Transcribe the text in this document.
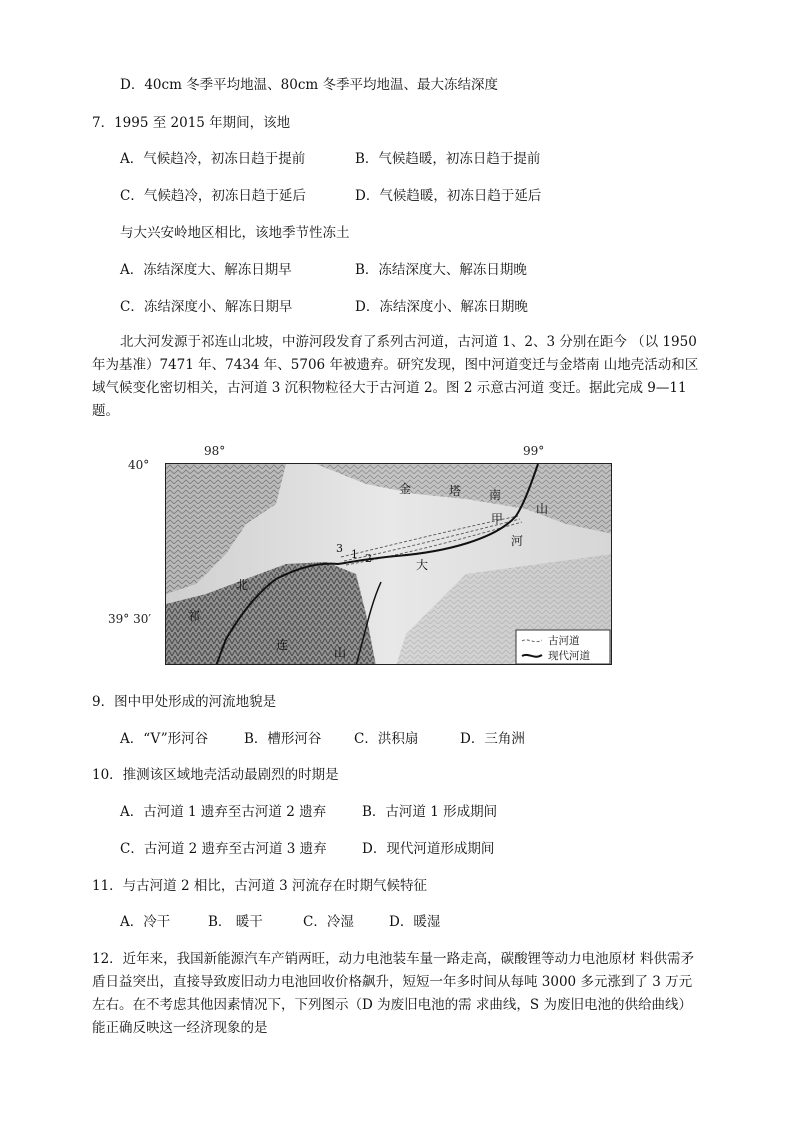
D．40cm 冬季平均地温、80cm 冬季平均地温、最大冻结深度
7．1995 至 2015 年期间，该地
A．气候趋冷，初冻日趋于提前	B．气候趋暖，初冻日趋于提前
C．气候趋冷，初冻日趋于延后	D．气候趋暖，初冻日趋于延后
与大兴安岭地区相比，该地季节性冻土
A．冻结深度大、解冻日期早	B．冻结深度大、解冻日期晚
C．冻结深度小、解冻日期早	D．冻结深度小、解冻日期晚
北大河发源于祁连山北坡，中游河段发育了系列古河道，古河道 1、2、3 分别在距今 （以 1950 年为基准）7471 年、7434 年、5706 年被遗弃。研究发现，图中河道变迁与金塔南 山地壳活动和区域气候变化密切相关，古河道 3 沉积物粒径大于古河道 2。图 2 示意古河道 变迁。据此完成 9—11 题。
98°	99°
40°
39° 30′
金	塔 南
山
甲
河
大
北
祁
连
山
3 1 2
古河道
现代河道
9．图中甲处形成的河流地貌是
A．“V”形河谷	B．槽形河谷 C．洪积扇	D．三角洲
10．推测该区域地壳活动最剧烈的时期是
A．古河道 1 遗弃至古河道 2 遗弃	B．古河道 1 形成期间
C．古河道 2 遗弃至古河道 3 遗弃	D．现代河道形成期间
11．与古河道 2 相比，古河道 3 河流存在时期气候特征
A．冷干	B． 暖干	C．冷湿	D．暖湿
12．近年来，我国新能源汽车产销两旺，动力电池装车量一路走高，碳酸锂等动力电池原材 料供需矛盾日益突出，直接导致废旧动力电池回收价格飙升，短短一年多时间从每吨 3000 多元涨到了 3 万元左右。在不考虑其他因素情况下，下列图示（D 为废旧电池的需 求曲线，S 为废旧电池的供给曲线）能正确反映这一经济现象的是
